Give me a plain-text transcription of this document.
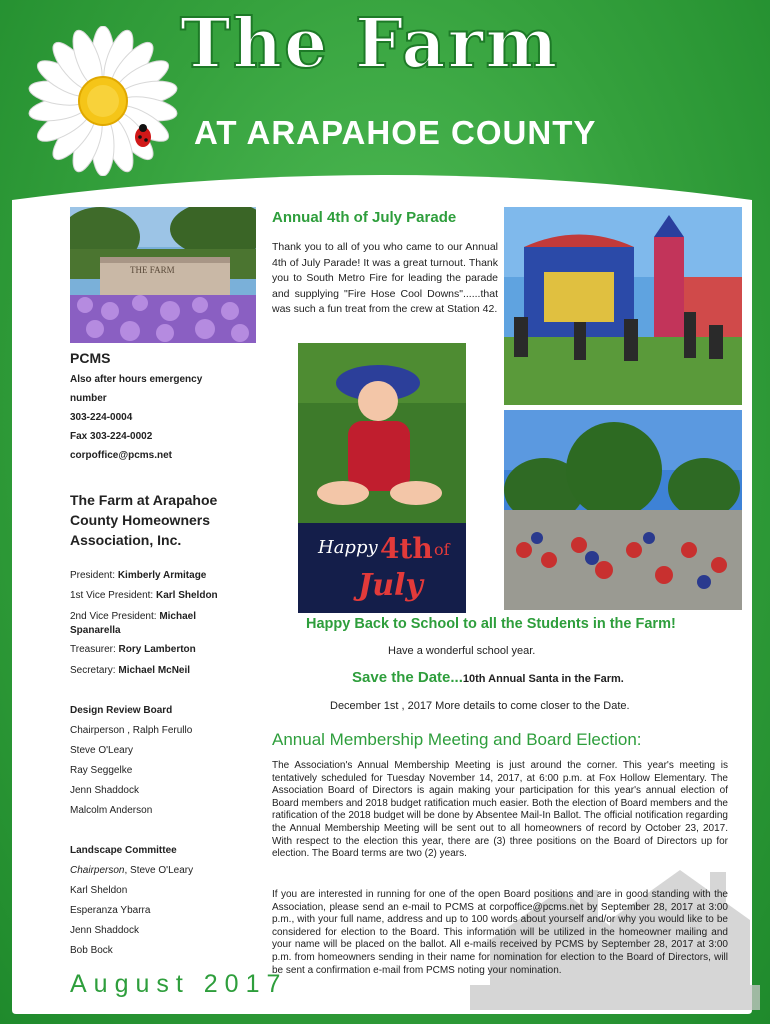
The Farm
AT ARAPAHOE COUNTY
THE FARM
Annual 4th of July Parade

Thank you to all of you who came to our Annual 4th of July Parade! It was a great turnout. Thank you to South Metro Fire for leading the parade and supplying "Fire Hose Cool Downs"......that was such a fun treat from the crew at Station 42.

Happy 4th of
July
PCMS
Also after hours emergency
number
303-224-0004
Fax 303-224-0002
corpoffice@pcms.net
The Farm at Arapahoe County Homeowners Association, Inc.
President: Kimberly Armitage
1st Vice President: Karl Sheldon
2nd Vice President: Michael Spanarella
Treasurer: Rory Lamberton
Secretary: Michael McNeil
Design Review Board
Chairperson , Ralph Ferullo
Steve O'Leary
Ray Seggelke
Jenn Shaddock
Malcolm Anderson
Landscape Committee
Chairperson, Steve O'Leary
Karl Sheldon
Esperanza Ybarra
Jenn Shaddock
Bob Bock
August 2017
Happy Back to School to all the Students in the Farm!
Have a wonderful school year.
Save the Date...10th Annual Santa in the Farm.
December 1st , 2017 More details to come closer to the Date.
Annual Membership Meeting and Board Election:

The Association's Annual Membership Meeting is just around the corner. This year's meeting is tentatively scheduled for Tuesday November 14, 2017, at 6:00 p.m. at Fox Hollow Elementary. The Association Board of Directors is again making your participation for this year's annual election of Board members and 2018 budget ratification much easier. Both the election of Board members and the ratification of the 2018 budget will be done by Absentee Mail-In Ballot. The official notification regarding the Annual Membership Meeting will be sent out to all homeowners of record by October 23, 2017. With respect to the election this year, there are (3) three positions on the Board of Directors up for election. The Board terms are two (2) years.

If you are interested in running for one of the open Board positions and are in good standing with the Association, please send an e-mail to PCMS at corpoffice@pcms.net by September 28, 2017 at 3:00 p.m., with your full name, address and up to 100 words about yourself and/or why you would like to be considered for election to the Board. This information will be utilized in the homeowner mailing and your name will be placed on the ballot. All e-mails received by PCMS by September 28, 2017 at 3:00 p.m. from homeowners sending in their name for nomination for election to the Board of Directors, will be sent a confirmation e-mail from PCMS noting your nomination.
